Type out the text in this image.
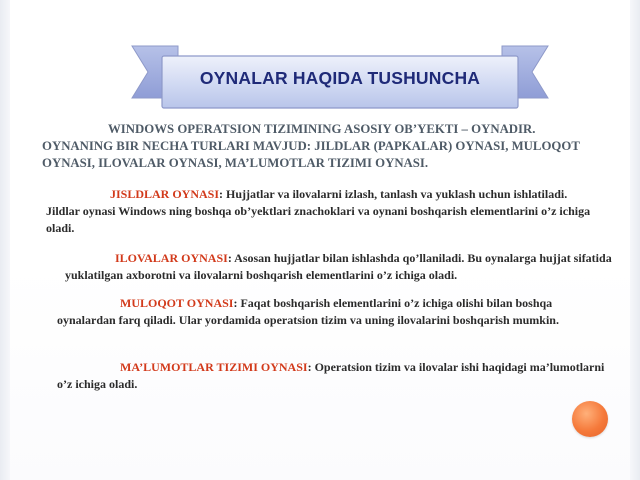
OYNALAR HAQIDA TUSHUNCHA
WINDOWS OPERATSION TIZIMINING ASOSIY OB’YEKTI – OYNADIR. OYNANING BIR NECHA TURLARI MAVJUD: JILDLAR (PAPKALAR) OYNASI, MULOQOT OYNASI, ILOVALAR OYNASI, MA’LUMOTLAR TIZIMI OYNASI.
JISLDLAR OYNASI: Hujjatlar va ilovalarni izlash, tanlash va yuklash uchun ishlatiladi. Jildlar oynasi Windows ning boshqa ob’yektlari znachoklari va oynani boshqarish elementlarini o’z ichiga oladi.
ILOVALAR OYNASI: Asosan hujjatlar bilan ishlashda qo’llaniladi. Bu oynalarga hujjat sifatida yuklatilgan axborotni va ilovalarni boshqarish elementlarini o’z ichiga oladi.
MULOQOT OYNASI: Faqat boshqarish elementlarini o’z ichiga olishi bilan boshqa oynalardan farq qiladi. Ular yordamida operatsion tizim va uning ilovalarini boshqarish mumkin.
MA’LUMOTLAR TIZIMI OYNASI: Operatsion tizim va ilovalar ishi haqidagi ma’lumotlarni o’z ichiga oladi.
